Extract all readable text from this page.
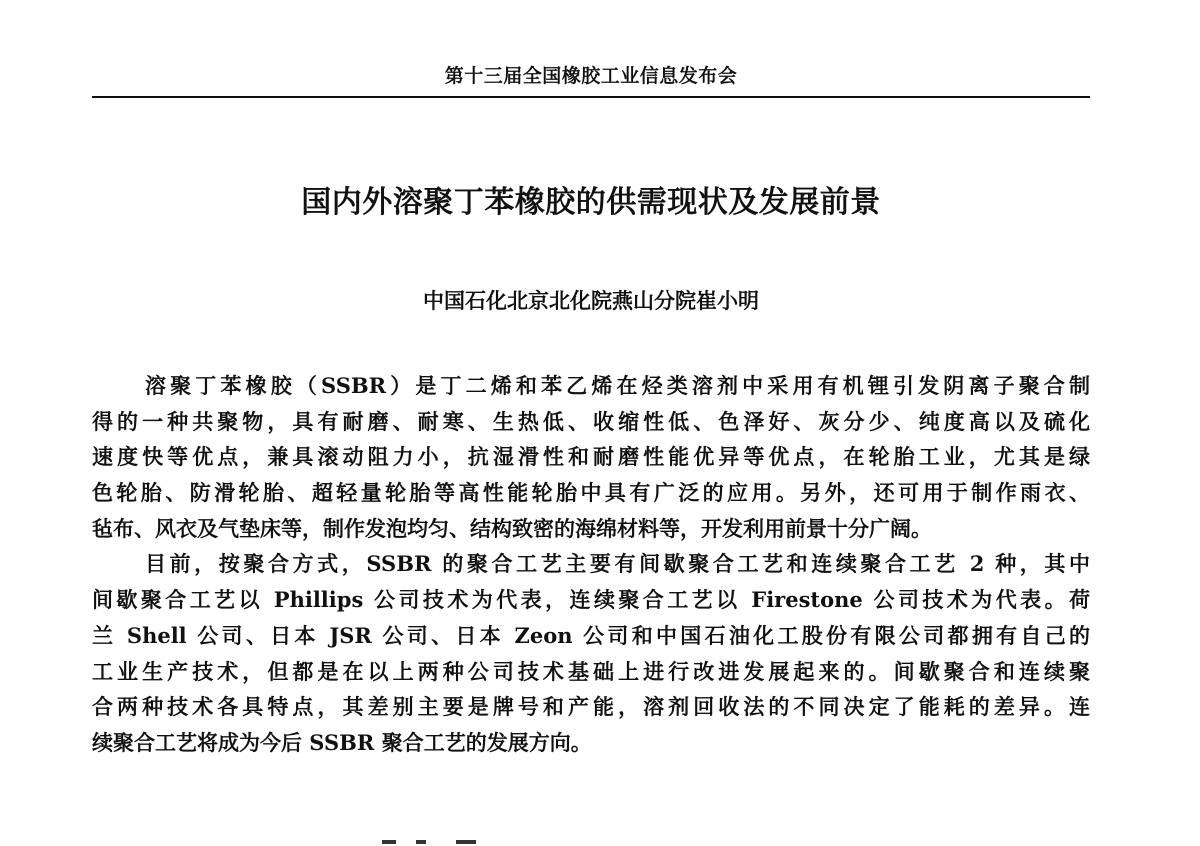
第十三届全国橡胶工业信息发布会
国内外溶聚丁苯橡胶的供需现状及发展前景
中国石化北京北化院燕山分院崔小明
溶聚丁苯橡胶（SSBR）是丁二烯和苯乙烯在烃类溶剂中采用有机锂引发阴离子聚合制
得的一种共聚物，具有耐磨、耐寒、生热低、收缩性低、色泽好、灰分少、纯度高以及硫化
速度快等优点，兼具滚动阻力小，抗湿滑性和耐磨性能优异等优点，在轮胎工业，尤其是绿
色轮胎、防滑轮胎、超轻量轮胎等高性能轮胎中具有广泛的应用。另外，还可用于制作雨衣、
毡布、风衣及气垫床等，制作发泡均匀、结构致密的海绵材料等，开发利用前景十分广阔。
目前，按聚合方式，SSBR 的聚合工艺主要有间歇聚合工艺和连续聚合工艺 2 种，其中
间歇聚合工艺以 Phillips 公司技术为代表，连续聚合工艺以 Firestone 公司技术为代表。荷
兰 Shell 公司、日本 JSR 公司、日本 Zeon 公司和中国石油化工股份有限公司都拥有自己的
工业生产技术，但都是在以上两种公司技术基础上进行改进发展起来的。间歇聚合和连续聚
合两种技术各具特点，其差别主要是牌号和产能，溶剂回收法的不同决定了能耗的差异。连
续聚合工艺将成为今后 SSBR 聚合工艺的发展方向。
